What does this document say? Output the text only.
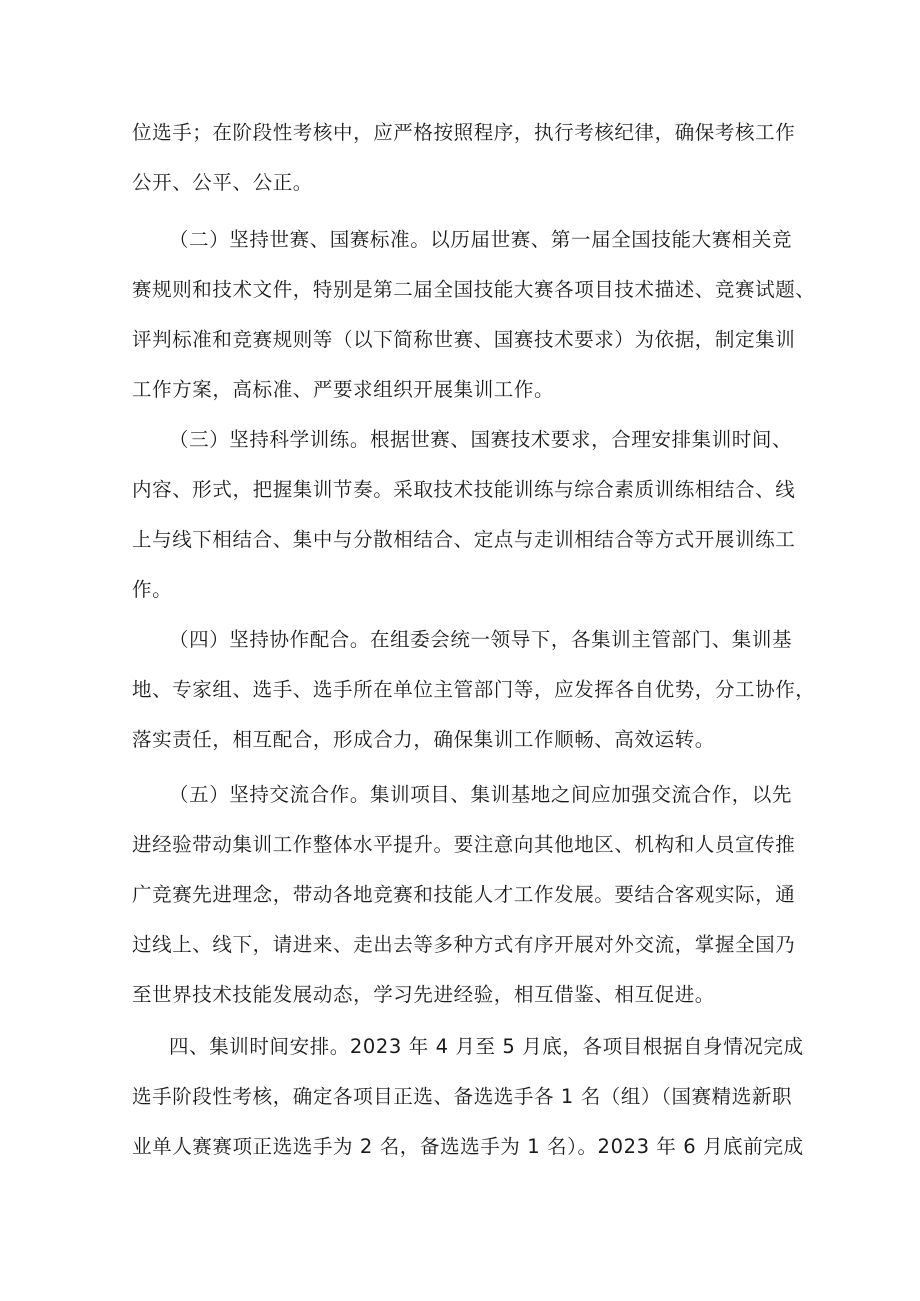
位选手；在阶段性考核中，应严格按照程序，执行考核纪律，确保考核工作
公开、公平、公正。
（二）坚持世赛、国赛标准。以历届世赛、第一届全国技能大赛相关竞
赛规则和技术文件，特别是第二届全国技能大赛各项目技术描述、竞赛试题、
评判标准和竞赛规则等（以下简称世赛、国赛技术要求）为依据，制定集训
工作方案，高标准、严要求组织开展集训工作。
（三）坚持科学训练。根据世赛、国赛技术要求，合理安排集训时间、
内容、形式，把握集训节奏。采取技术技能训练与综合素质训练相结合、线
上与线下相结合、集中与分散相结合、定点与走训相结合等方式开展训练工
作。
（四）坚持协作配合。在组委会统一领导下，各集训主管部门、集训基
地、专家组、选手、选手所在单位主管部门等，应发挥各自优势，分工协作，
落实责任，相互配合，形成合力，确保集训工作顺畅、高效运转。
（五）坚持交流合作。集训项目、集训基地之间应加强交流合作，以先
进经验带动集训工作整体水平提升。要注意向其他地区、机构和人员宣传推
广竞赛先进理念，带动各地竞赛和技能人才工作发展。要结合客观实际，通
过线上、线下，请进来、走出去等多种方式有序开展对外交流，掌握全国乃
至世界技术技能发展动态，学习先进经验，相互借鉴、相互促进。
四、集训时间安排。2023 年 4 月至 5 月底，各项目根据自身情况完成
选手阶段性考核，确定各项目正选、备选选手各 1 名（组）（国赛精选新职
业单人赛赛项正选选手为 2 名，备选选手为 1 名）。2023 年 6 月底前完成
